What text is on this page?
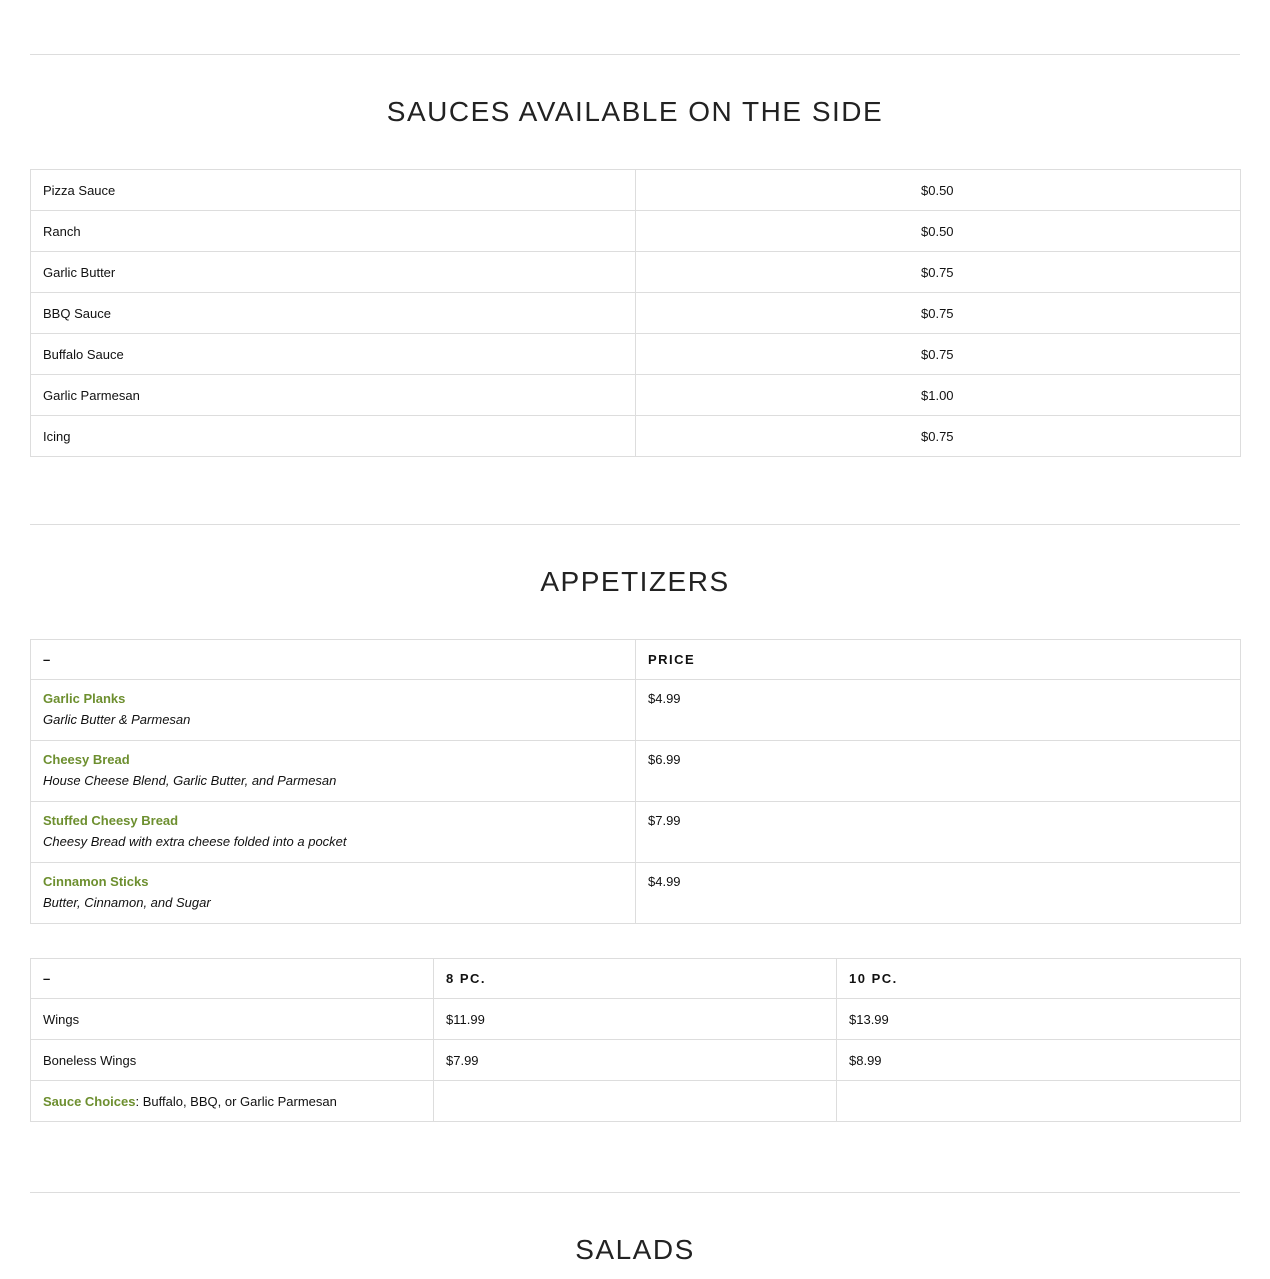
SAUCES AVAILABLE ON THE SIDE
Pizza Sauce	$0.50
Ranch	$0.50
Garlic Butter	$0.75
BBQ Sauce	$0.75
Buffalo Sauce	$0.75
Garlic Parmesan	$1.00
Icing	$0.75
APPETIZERS
–	PRICE

Garlic Planks
Garlic Butter & Parmesan	$4.99

Cheesy Bread
House Cheese Blend, Garlic Butter, and Parmesan	$6.99

Stuffed Cheesy Bread
Cheesy Bread with extra cheese folded into a pocket	$7.99

Cinnamon Sticks
Butter, Cinnamon, and Sugar	$4.99
–	8 PC.	10 PC.
Wings	$11.99	$13.99
Boneless Wings	$7.99	$8.99
Sauce Choices: Buffalo, BBQ, or Garlic Parmesan		
SALADS
